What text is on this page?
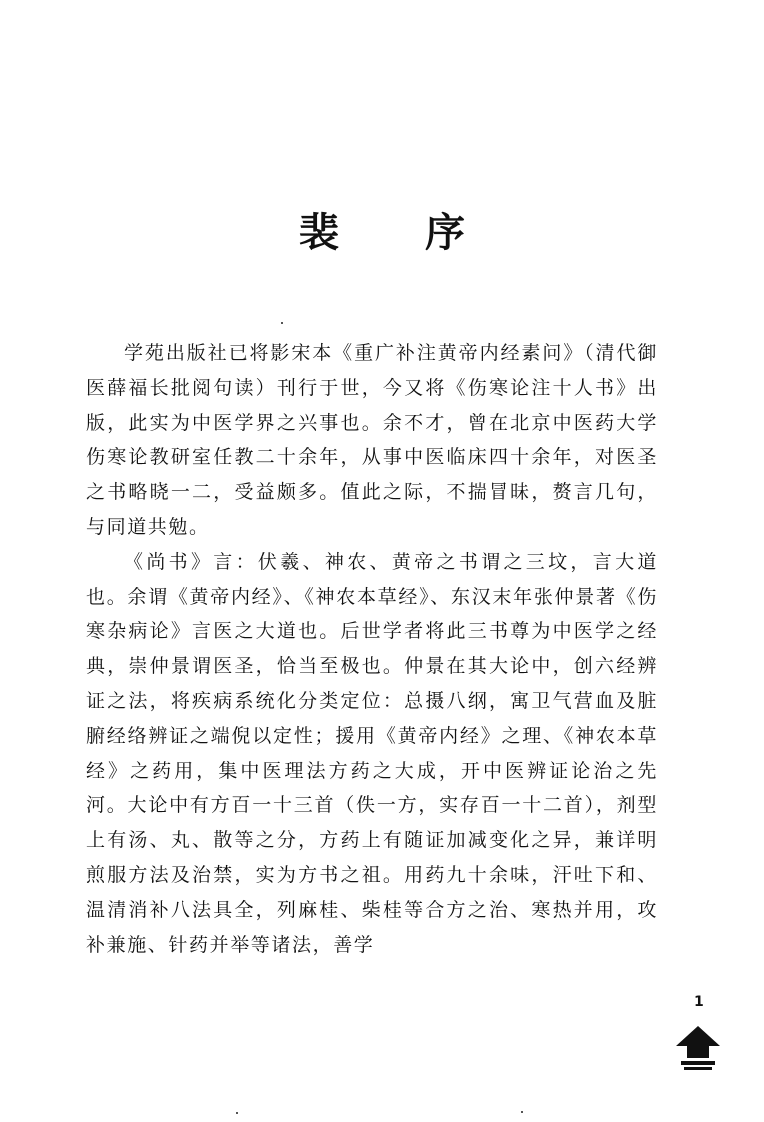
裴 序

学苑出版社已将影宋本《重广补注黄帝内经素问》（清代御医薛福长批阅句读）刊行于世，今又将《伤寒论注十人书》出版，此实为中医学界之兴事也。余不才，曾在北京中医药大学伤寒论教研室任教二十余年，从事中医临床四十余年，对医圣之书略晓一二，受益颇多。值此之际，不揣冒昧，赘言几句，与同道共勉。

《尚书》言：伏羲、神农、黄帝之书谓之三坟，言大道也。余谓《黄帝内经》、《神农本草经》、东汉末年张仲景著《伤寒杂病论》言医之大道也。后世学者将此三书尊为中医学之经典，崇仲景谓医圣，恰当至极也。仲景在其大论中，创六经辨证之法，将疾病系统化分类定位：总摄八纲，寓卫气营血及脏腑经络辨证之端倪以定性；援用《黄帝内经》之理、《神农本草经》之药用，集中医理法方药之大成，开中医辨证论治之先河。大论中有方百一十三首（佚一方，实存百一十二首），剂型上有汤、丸、散等之分，方药上有随证加减变化之异，兼详明煎服方法及治禁，实为方书之祖。用药九十余味，汗吐下和、温清消补八法具全，列麻桂、柴桂等合方之治、寒热并用，攻补兼施、针药并举等诸法，善学

1
